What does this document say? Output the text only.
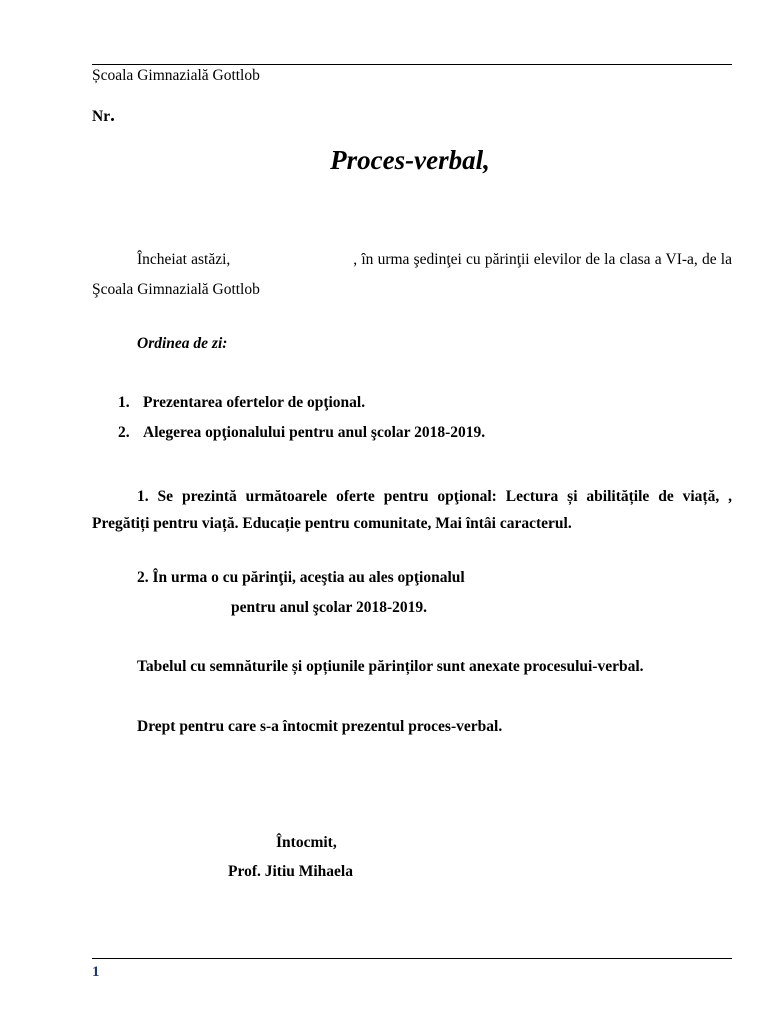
Școala Gimnazială Gottlob
Nr.
Proces-verbal,
Încheiat astăzi,	, în urma şedinţei cu părinţii elevilor de la clasa a VI-a, de la Şcoala Gimnazială Gottlob
Ordinea de zi:
1. Prezentarea ofertelor de opţional.
2. Alegerea opţionalului pentru anul şcolar 2018-2019.
1. Se prezintă următoarele oferte pentru opţional: Lectura și abilitățile de viață, , Pregătiți pentru viață. Educație pentru comunitate, Mai întâi caracterul.
2. În urma o cu părinţii, aceştia au ales opţionalul
pentru anul şcolar 2018-2019.
Tabelul cu semnăturile și opțiunile părinților sunt anexate procesului-verbal.
Drept pentru care s-a întocmit prezentul proces-verbal.
Întocmit,
Prof. Jitiu Mihaela
1
